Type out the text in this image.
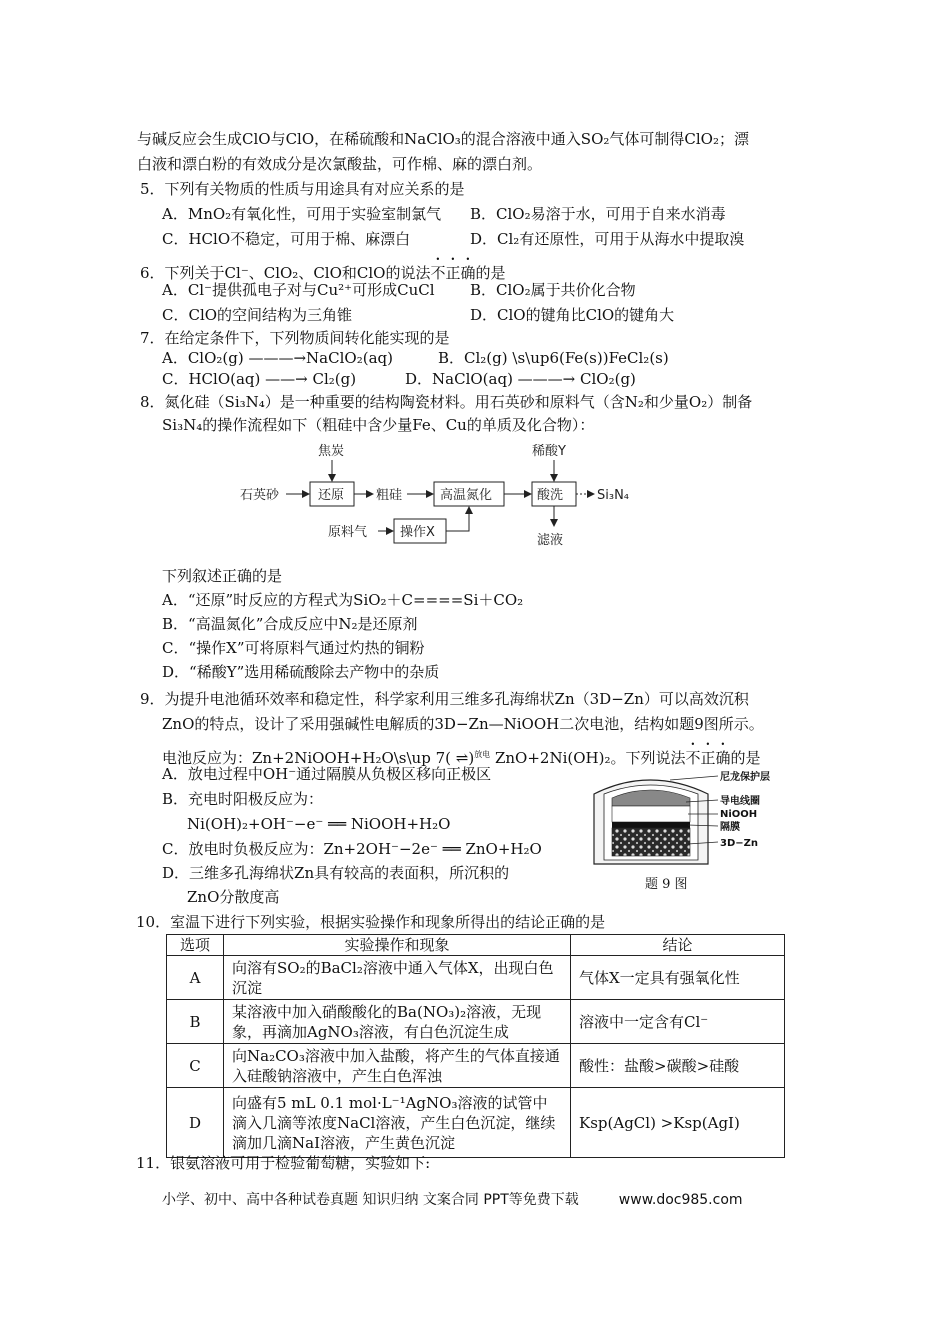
与碱反应会生成ClO与ClO，在稀硫酸和NaClO₃的混合溶液中通入SO₂气体可制得ClO₂；漂
白液和漂白粉的有效成分是次氯酸盐，可作棉、麻的漂白剂。
5．下列有关物质的性质与用途具有对应关系的是
A．MnO₂有氧化性，可用于实验室制氯气 B．ClO₂易溶于水，可用于自来水消毒
C．HClO不稳定，可用于棉、麻漂白	D．Cl₂有还原性，可用于从海水中提取溴
6．下列关于Cl⁻、ClO₂、ClO和ClO的说法不正确的是
A．Cl⁻提供孤电子对与Cu²⁺可形成CuCl B．ClO₂属于共价化合物
C．ClO的空间结构为三角锥	D．ClO的键角比ClO的键角大
7．在给定条件下，下列物质间转化能实现的是
A．ClO₂(g) ———→NaClO₂(aq)	B．Cl₂(g) \s\up6(Fe(s))FeCl₂(s)
C．HClO(aq) ——→ Cl₂(g)	D．NaClO(aq) ———→ ClO₂(g)
8．氮化硅（Si₃N₄）是一种重要的结构陶瓷材料。用石英砂和原料气（含N₂和少量O₂）制备
Si₃N₄的操作流程如下（粗硅中含少量Fe、Cu的单质及化合物）：
石英砂
焦炭
还原 粗硅	高温氮化
稀酸Y
酸洗	Si₃N₄
原料气	操作X
滤液
下列叙述正确的是
A．“还原”时反应的方程式为SiO₂＋C====Si＋CO₂
B．“高温氮化”合成反应中N₂是还原剂
C．“操作X”可将原料气通过灼热的铜粉
D．“稀酸Y”选用稀硫酸除去产物中的杂质
9．为提升电池循环效率和稳定性，科学家利用三维多孔海绵状Zn（3D−Zn）可以高效沉积
ZnO的特点，设计了采用强碱性电解质的3D−Zn—NiOOH二次电池，结构如题9图所示。
电池反应为：Zn+2NiOOH+H₂O\s\up 7( ⇌)$^{放电}$ ZnO+2Ni(OH)₂。下列说法不正确的是
A．放电过程中OH⁻通过隔膜从负极区移向正极区
B．充电时阳极反应为：
Ni(OH)₂+OH⁻−e⁻ ══ NiOOH+H₂O
C．放电时负极反应为：Zn+2OH⁻−2e⁻ ══ ZnO+H₂O
D．三维多孔海绵状Zn具有较高的表面积，所沉积的
ZnO分散度高
尼龙保护层
导电线圈
NiOOH
隔膜
3D−Zn
题 9 图
10．室温下进行下列实验，根据实验操作和现象所得出的结论正确的是
选项	实验操作和现象	结论
A	向溶有SO₂的BaCl₂溶液中通入气体X，出现白色沉淀	气体X一定具有强氧化性
B	某溶液中加入硝酸酸化的Ba(NO₃)₂溶液，无现象，再滴加AgNO₃溶液，有白色沉淀生成	溶液中一定含有Cl⁻
C	向Na₂CO₃溶液中加入盐酸，将产生的气体直接通入硅酸钠溶液中，产生白色浑浊	酸性：盐酸>碳酸>硅酸
D	向盛有5 mL 0.1 mol·L⁻¹AgNO₃溶液的试管中滴入几滴等浓度NaCl溶液，产生白色沉淀，继续滴加几滴NaI溶液，产生黄色沉淀	Ksp(AgCl) >Ksp(AgI)
11．银氨溶液可用于检验葡萄糖，实验如下:
小学、初中、高中各种试卷真题 知识归纳 文案合同 PPT等免费下载	www.doc985.com
